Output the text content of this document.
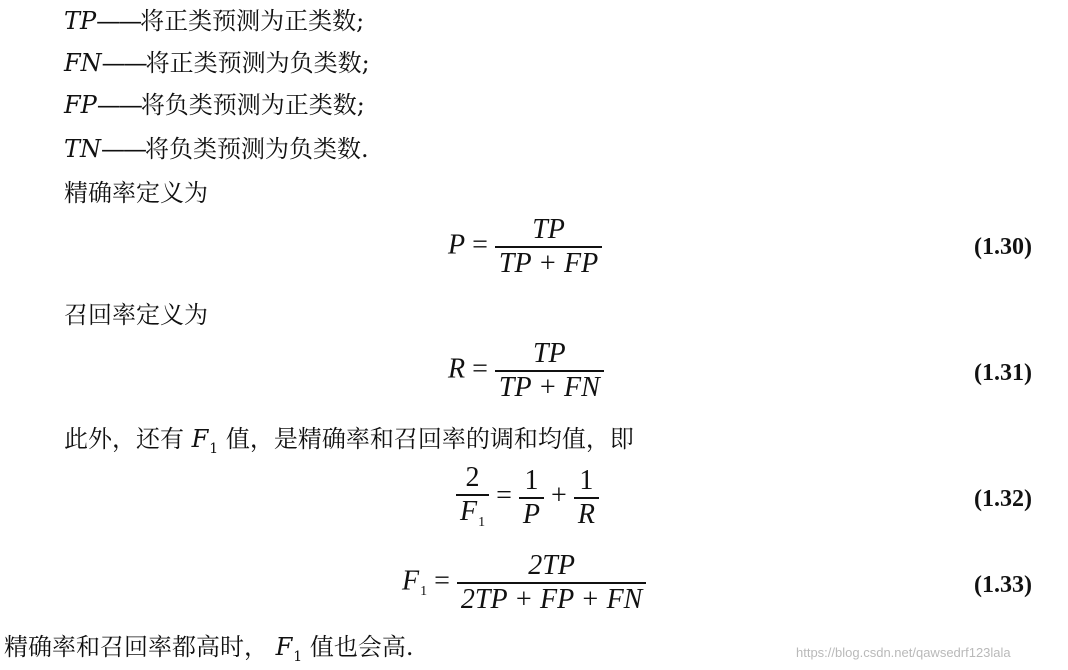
TP——将正类预测为正类数;
FN——将正类预测为负类数;
FP——将负类预测为正类数;
TN——将负类预测为负类数.
精确率定义为
$P = \frac{TP}{TP + FP}$	(1.30)
召回率定义为
$R = \frac{TP}{TP + FN}$	(1.31)
此外，还有 $F_1$ 值，是精确率和召回率的调和均值，即
$\frac{2}{F_1} = \frac{1}{P} + \frac{1}{R}$	(1.32)
$F_1 = \frac{2TP}{2TP + FP + FN}$	(1.33)
精确率和召回率都高时， $F_1$ 值也会高.	https://blog.csdn.net/qawsedrf123lala
